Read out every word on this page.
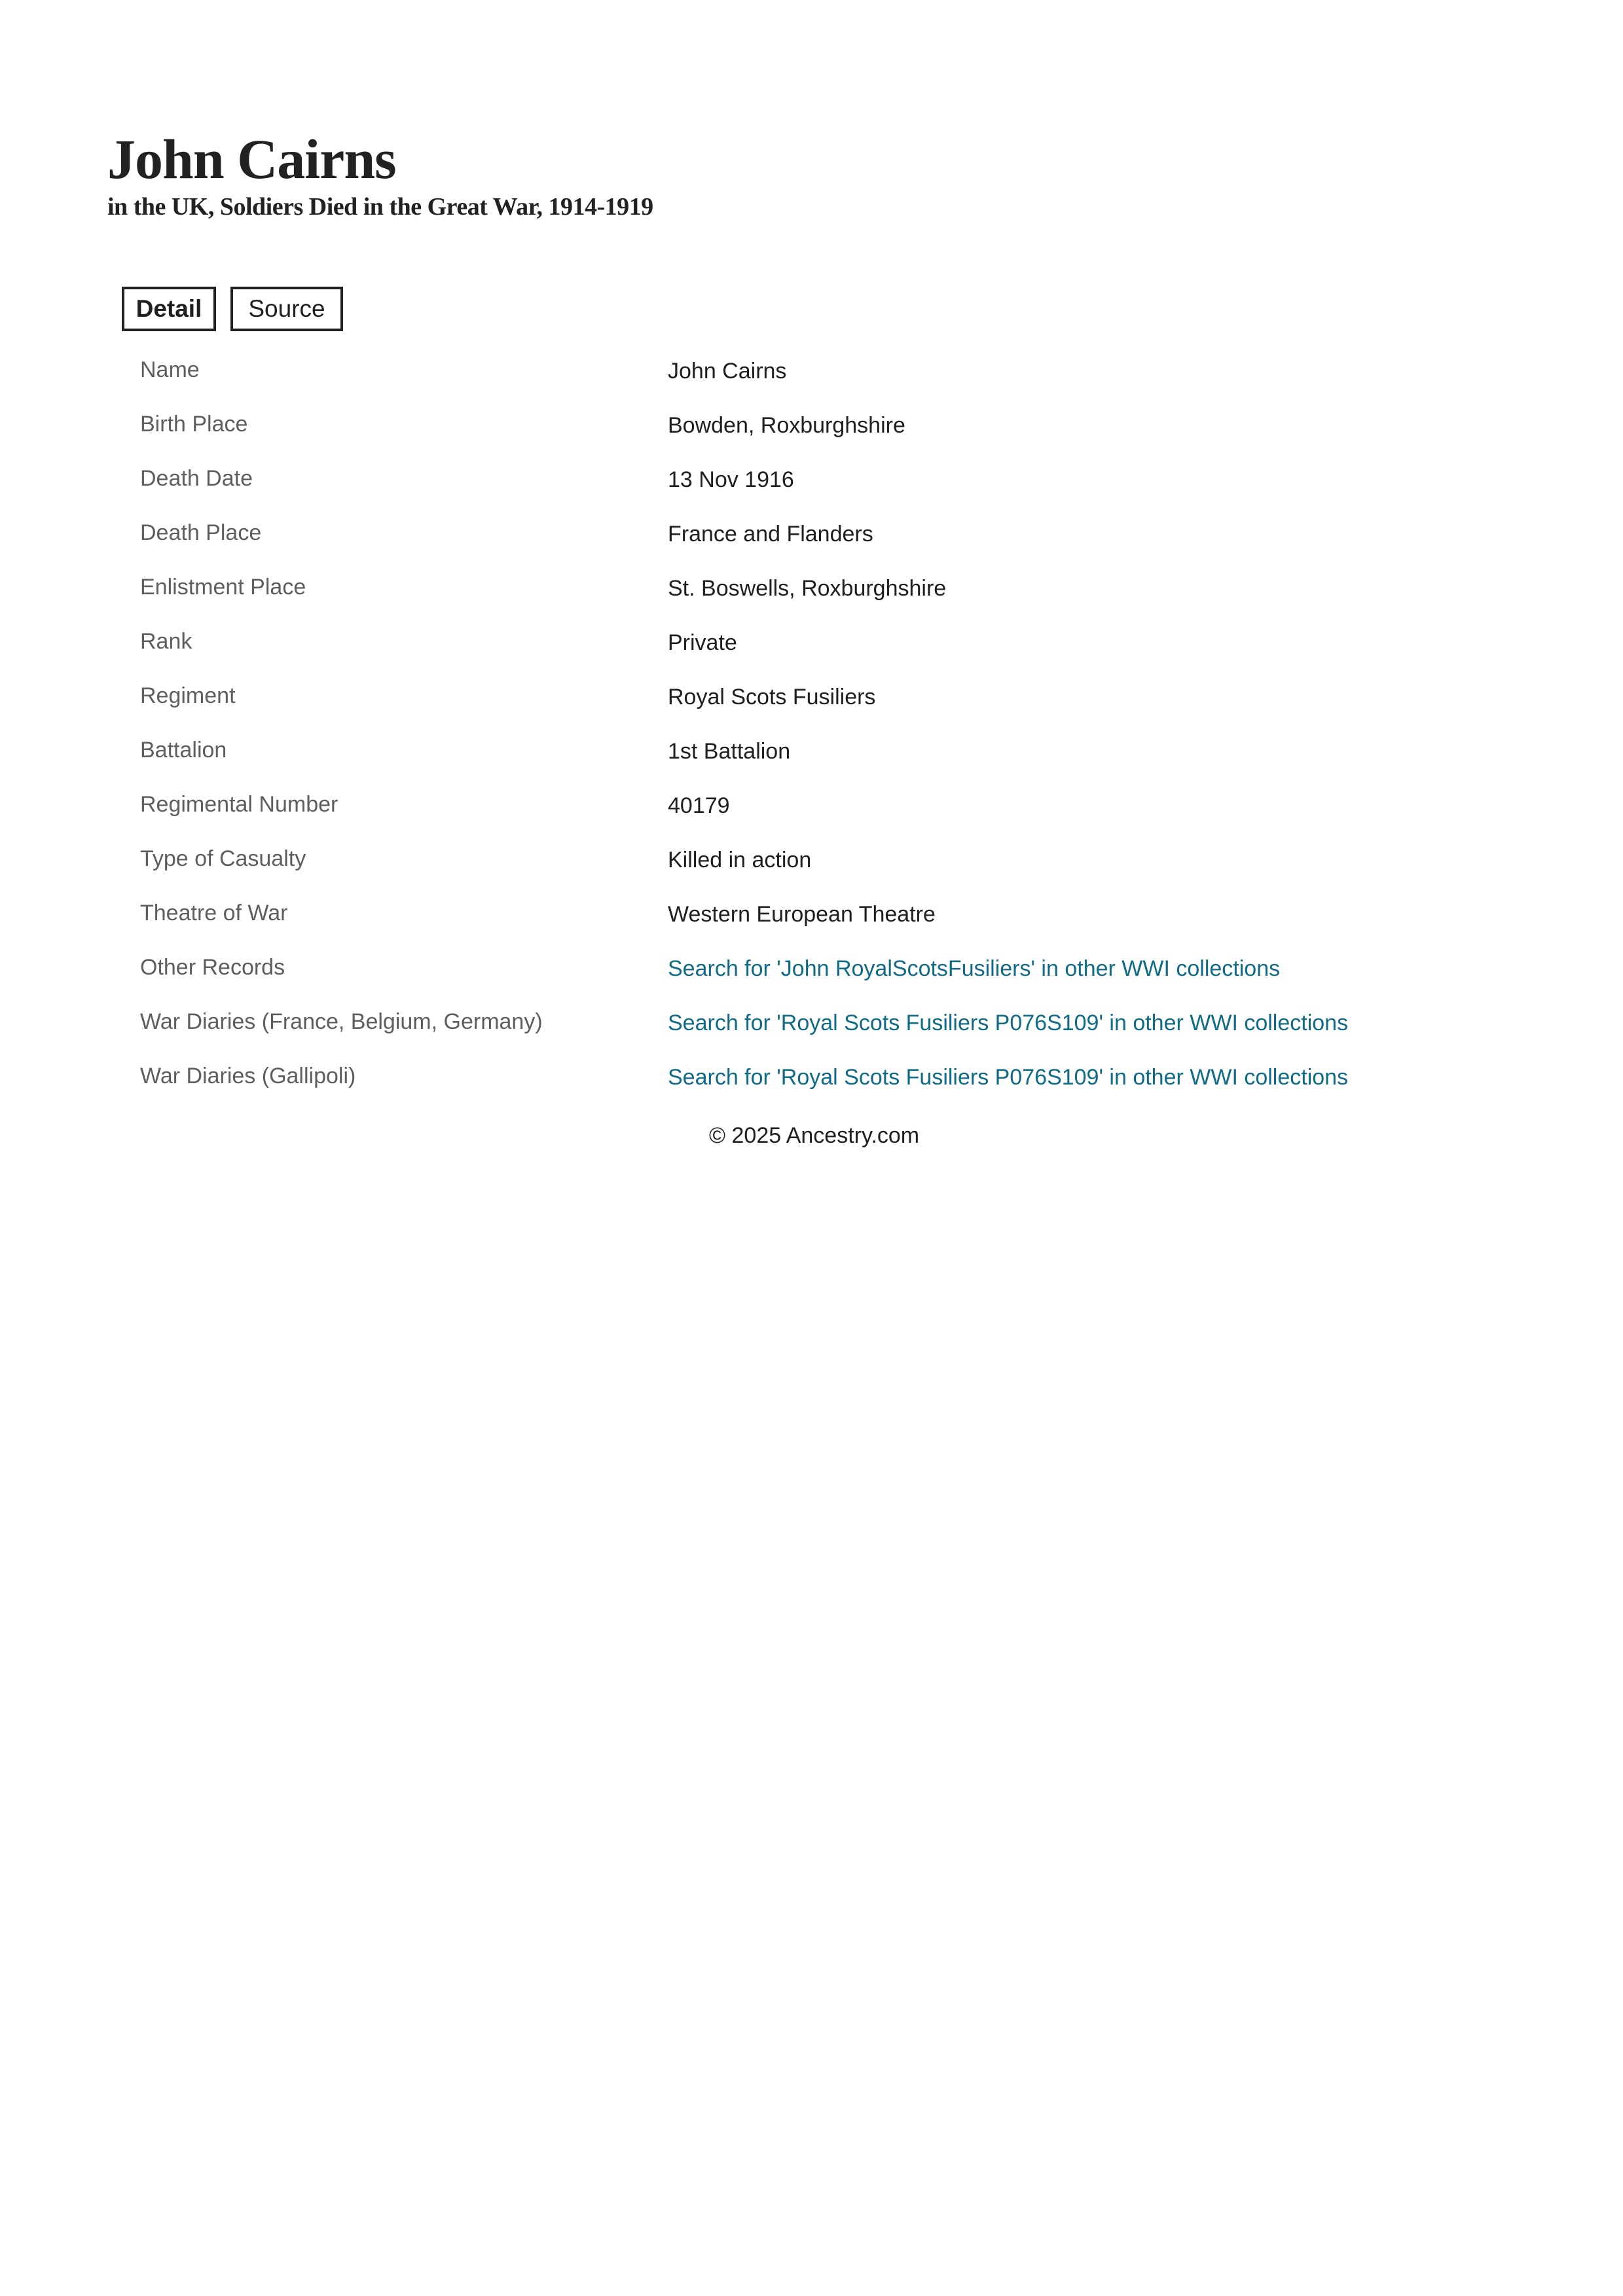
John Cairns
in the UK, Soldiers Died in the Great War, 1914-1919
Detail	Source
Name	John Cairns
Birth Place	Bowden, Roxburghshire
Death Date	13 Nov 1916
Death Place	France and Flanders
Enlistment Place	St. Boswells, Roxburghshire
Rank	Private
Regiment	Royal Scots Fusiliers
Battalion	1st Battalion
Regimental Number	40179
Type of Casualty	Killed in action
Theatre of War	Western European Theatre
Other Records	Search for 'John RoyalScotsFusiliers' in other WWI collections
War Diaries (France, Belgium, Germany)	Search for 'Royal Scots Fusiliers P076S109' in other WWI collections
War Diaries (Gallipoli)	Search for 'Royal Scots Fusiliers P076S109' in other WWI collections
© 2025 Ancestry.com
